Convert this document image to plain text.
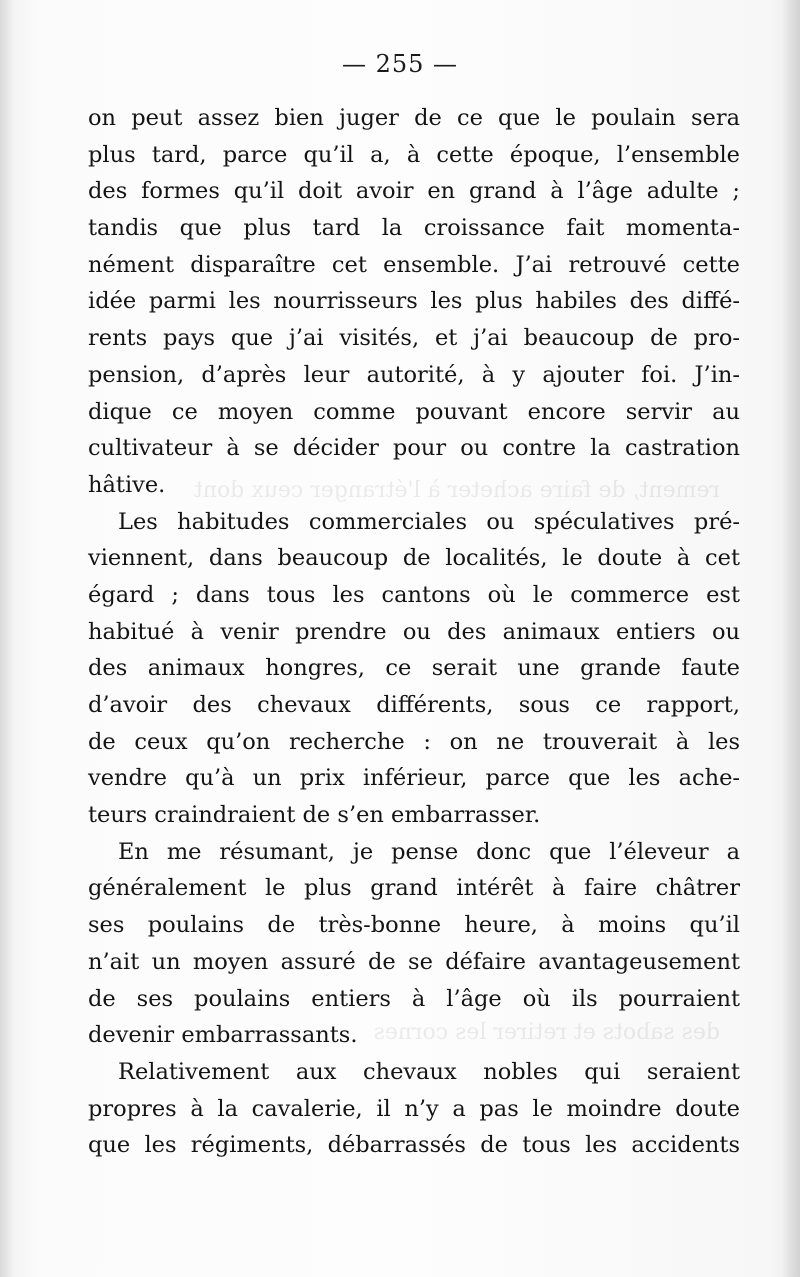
rement, de faire acheter à l'étranger ceux dont
des sabots et retirer les cornes
— 255 —
on peut assez bien juger de ce que le poulain sera
plus tard, parce qu’il a, à cette époque, l’ensemble
des formes qu’il doit avoir en grand à l’âge adulte ;
tandis que plus tard la croissance fait momenta-
nément disparaître cet ensemble. J’ai retrouvé cette
idée parmi les nourrisseurs les plus habiles des diffé-
rents pays que j’ai visités, et j’ai beaucoup de pro-
pension, d’après leur autorité, à y ajouter foi. J’in-
dique ce moyen comme pouvant encore servir au
cultivateur à se décider pour ou contre la castration
hâtive.
Les habitudes commerciales ou spéculatives pré-
viennent, dans beaucoup de localités, le doute à cet
égard ; dans tous les cantons où le commerce est
habitué à venir prendre ou des animaux entiers ou
des animaux hongres, ce serait une grande faute
d’avoir des chevaux différents, sous ce rapport,
de ceux qu’on recherche : on ne trouverait à les
vendre qu’à un prix inférieur, parce que les ache-
teurs craindraient de s’en embarrasser.
En me résumant, je pense donc que l’éleveur a
généralement le plus grand intérêt à faire châtrer
ses poulains de très-bonne heure, à moins qu’il
n’ait un moyen assuré de se défaire avantageusement
de ses poulains entiers à l’âge où ils pourraient
devenir embarrassants.
Relativement aux chevaux nobles qui seraient
propres à la cavalerie, il n’y a pas le moindre doute
que les régiments, débarrassés de tous les accidents
